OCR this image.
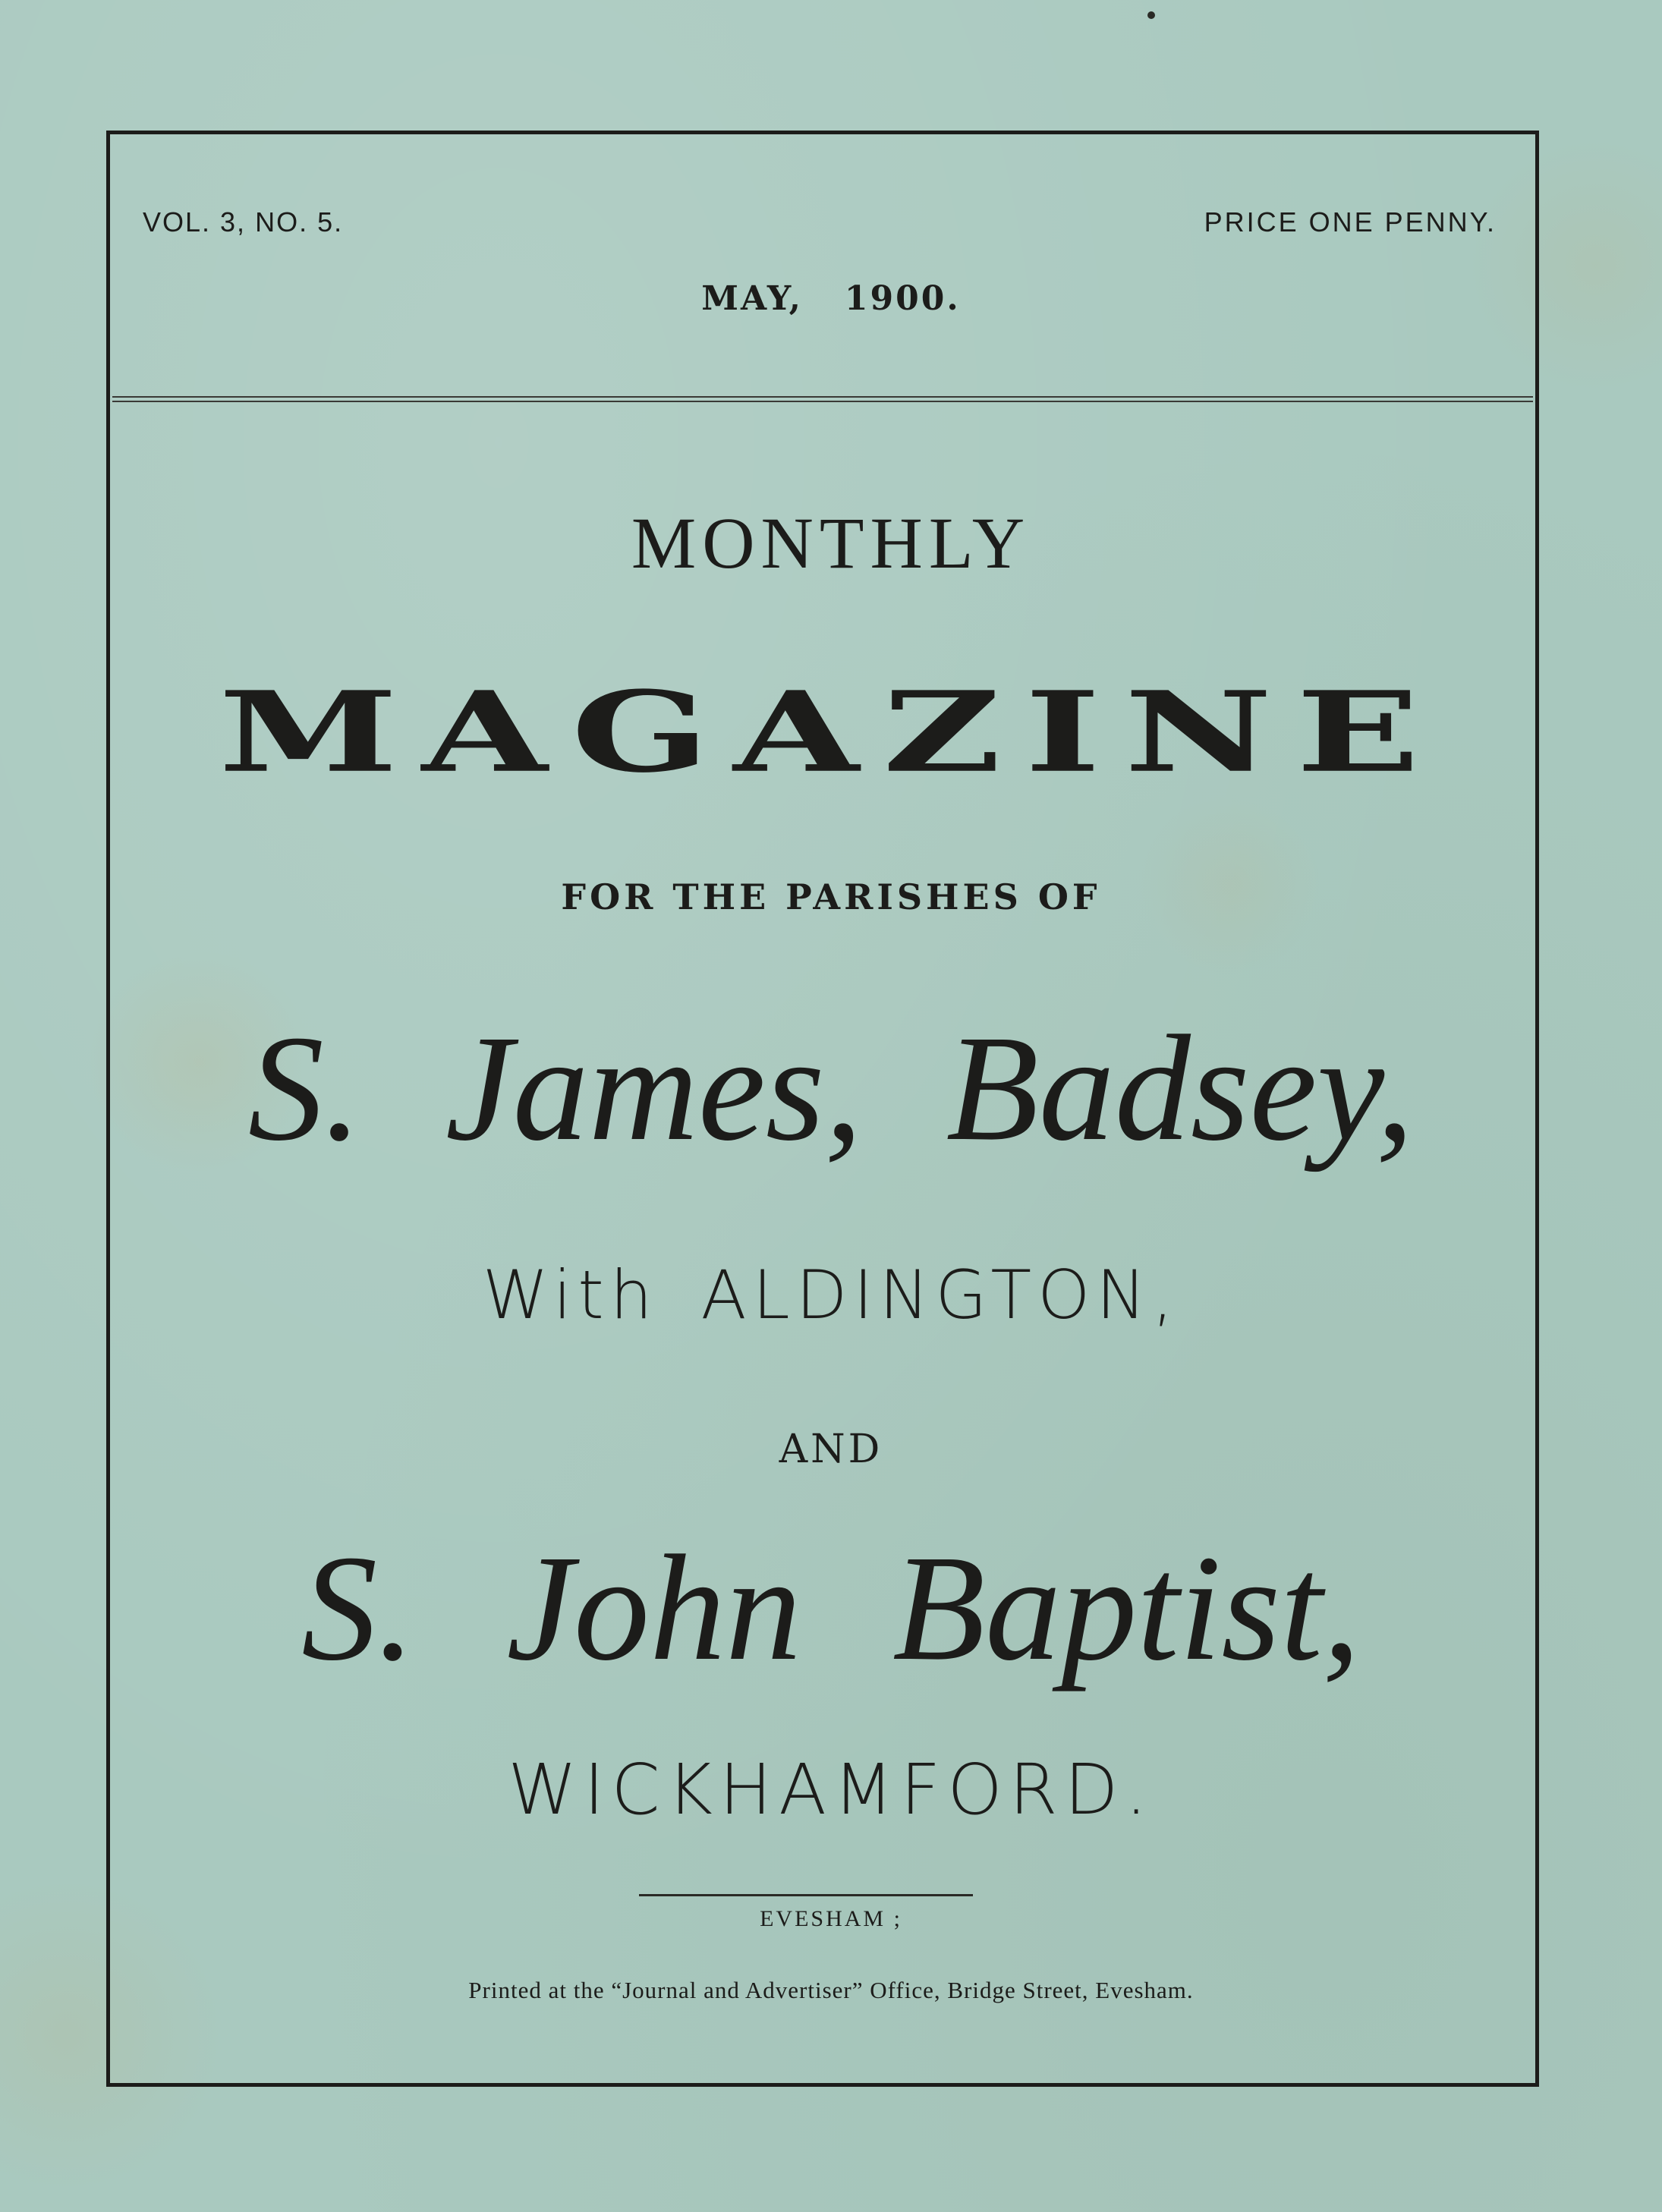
VOL. 3, NO. 5.	PRICE ONE PENNY.
MAY,   1900.
MONTHLY
MAGAZINE
FOR THE PARISHES OF
S. James, Badsey,
With ALDINGTON,
AND
S. John Baptist,
WICKHAMFORD.
EVESHAM ;
Printed at the “Journal and Advertiser” Office, Bridge Street, Evesham.
